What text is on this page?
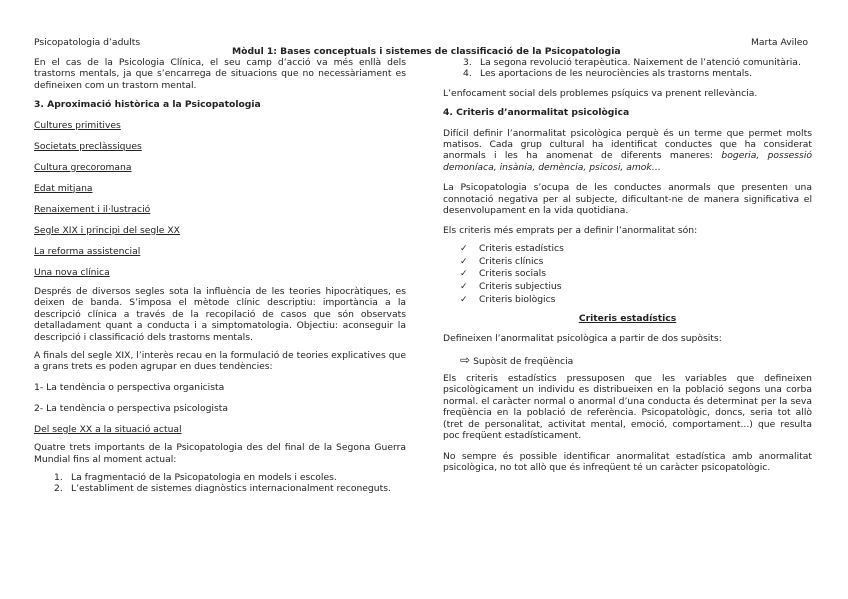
Psicopatologia d’adults	Marta Avileo
Mòdul 1: Bases conceptuals i sistemes de classificació de la Psicopatologia

En el cas de la Psicologia Clínica, el seu camp d’acció va més enllà dels trastorns mentals, ja que s’encarrega de situacions que no necessàriament es defineixen com un trastorn mental.

3. Aproximació històrica a la Psicopatologia

Cultures primitives

Societats preclàssiques

Cultura grecoromana

Edat mitjana

Renaixement i il·lustració

Segle XIX i principi del segle XX

La reforma assistencial

Una nova clínica

Després de diversos segles sota la influència de les teories hipocràtiques, es deixen de banda. S’imposa el mètode clínic descriptiu: importància a la descripció clínica a través de la recopilació de casos que són observats detalladament quant a conducta i a simptomatologia. Objectiu: aconseguir la descripció i classificació dels trastorns mentals.

A finals del segle XIX, l’interès recau en la formulació de teories explicatives que a grans trets es poden agrupar en dues tendències:

1- La tendència o perspectiva organicista

2- La tendència o perspectiva psicologista

Del segle XX a la situació actual

Quatre trets importants de la Psicopatologia des del final de la Segona Guerra Mundial fins al moment actual:

1. La fragmentació de la Psicopatologia en models i escoles.
2. L’establiment de sistemes diagnòstics internacionalment reconeguts.
3. La segona revolució terapèutica. Naixement de l’atenció comunitària.
4. Les aportacions de les neurociències als trastorns mentals.

L’enfocament social dels problemes psíquics va prenent rellevància.

4. Criteris d’anormalitat psicològica

Difícil definir l’anormalitat psicològica perquè és un terme que permet molts matisos. Cada grup cultural ha identificat conductes que ha considerat anormals i les ha anomenat de diferents maneres: bogeria, possessió demoníaca, insània, demència, psicosi, amok…

La Psicopatologia s’ocupa de les conductes anormals que presenten una connotació negativa per al subjecte, dificultant-ne de manera significativa el desenvolupament en la vida quotidiana.

Els criteris més emprats per a definir l’anormalitat són:

✓ Criteris estadístics
✓ Criteris clínics
✓ Criteris socials
✓ Criteris subjectius
✓ Criteris biològics

Criteris estadístics

Defineixen l’anormalitat psicològica a partir de dos supòsits:

⇨ Supòsit de freqüència

Els criteris estadístics pressuposen que les variables que defineixen psicològicament un individu es distribueixen en la població segons una corba normal. el caràcter normal o anormal d’una conducta és determinat per la seva freqüència en la població de referència. Psicopatològic, doncs, seria tot allò (tret de personalitat, activitat mental, emoció, comportament...) que resulta poc freqüent estadísticament.

No sempre és possible identificar anormalitat estadística amb anormalitat psicològica, no tot allò que és infreqüent té un caràcter psicopatològic.
